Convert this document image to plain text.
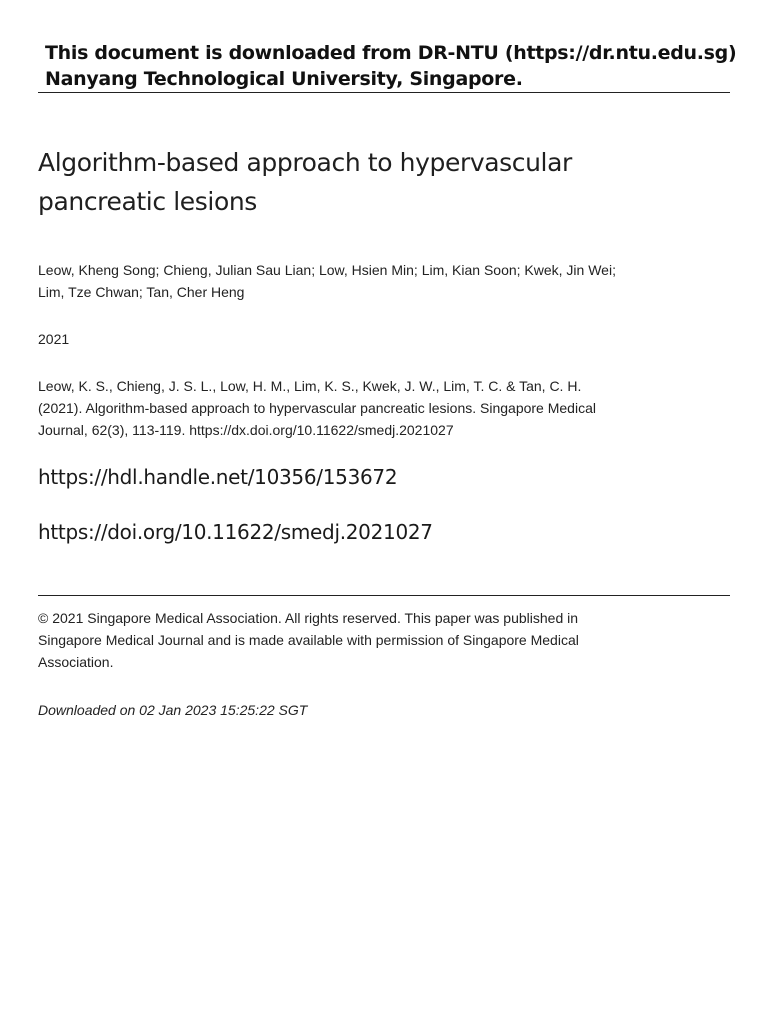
This document is downloaded from DR-NTU (https://dr.ntu.edu.sg)
Nanyang Technological University, Singapore.
Algorithm-based approach to hypervascular
pancreatic lesions
Leow, Kheng Song; Chieng, Julian Sau Lian; Low, Hsien Min; Lim, Kian Soon; Kwek, Jin Wei;
Lim, Tze Chwan; Tan, Cher Heng
2021
Leow, K. S., Chieng, J. S. L., Low, H. M., Lim, K. S., Kwek, J. W., Lim, T. C. & Tan, C. H.
(2021). Algorithm-based approach to hypervascular pancreatic lesions. Singapore Medical
Journal, 62(3), 113-119. https://dx.doi.org/10.11622/smedj.2021027
https://hdl.handle.net/10356/153672
https://doi.org/10.11622/smedj.2021027
© 2021 Singapore Medical Association. All rights reserved. This paper was published in
Singapore Medical Journal and is made available with permission of Singapore Medical
Association.
Downloaded on 02 Jan 2023 15:25:22 SGT
